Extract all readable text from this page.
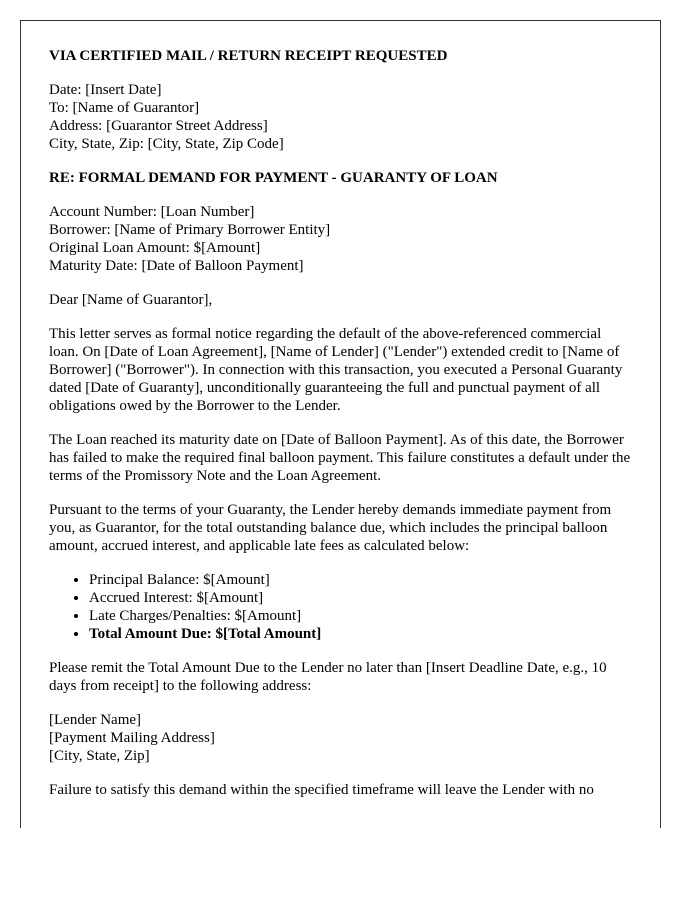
VIA CERTIFIED MAIL / RETURN RECEIPT REQUESTED

Date: [Insert Date]
To: [Name of Guarantor]
Address: [Guarantor Street Address]
City, State, Zip: [City, State, Zip Code]

RE: FORMAL DEMAND FOR PAYMENT - GUARANTY OF LOAN

Account Number: [Loan Number]
Borrower: [Name of Primary Borrower Entity]
Original Loan Amount: $[Amount]
Maturity Date: [Date of Balloon Payment]

Dear [Name of Guarantor],

This letter serves as formal notice regarding the default of the above-referenced commercial loan. On [Date of Loan Agreement], [Name of Lender] ("Lender") extended credit to [Name of Borrower] ("Borrower"). In connection with this transaction, you executed a Personal Guaranty dated [Date of Guaranty], unconditionally guaranteeing the full and punctual payment of all obligations owed by the Borrower to the Lender.

The Loan reached its maturity date on [Date of Balloon Payment]. As of this date, the Borrower has failed to make the required final balloon payment. This failure constitutes a default under the terms of the Promissory Note and the Loan Agreement.

Pursuant to the terms of your Guaranty, the Lender hereby demands immediate payment from you, as Guarantor, for the total outstanding balance due, which includes the principal balloon amount, accrued interest, and applicable late fees as calculated below:

• Principal Balance: $[Amount]
• Accrued Interest: $[Amount]
• Late Charges/Penalties: $[Amount]
• Total Amount Due: $[Total Amount]

Please remit the Total Amount Due to the Lender no later than [Insert Deadline Date, e.g., 10 days from receipt] to the following address:

[Lender Name]
[Payment Mailing Address]
[City, State, Zip]

Failure to satisfy this demand within the specified timeframe will leave the Lender with no
